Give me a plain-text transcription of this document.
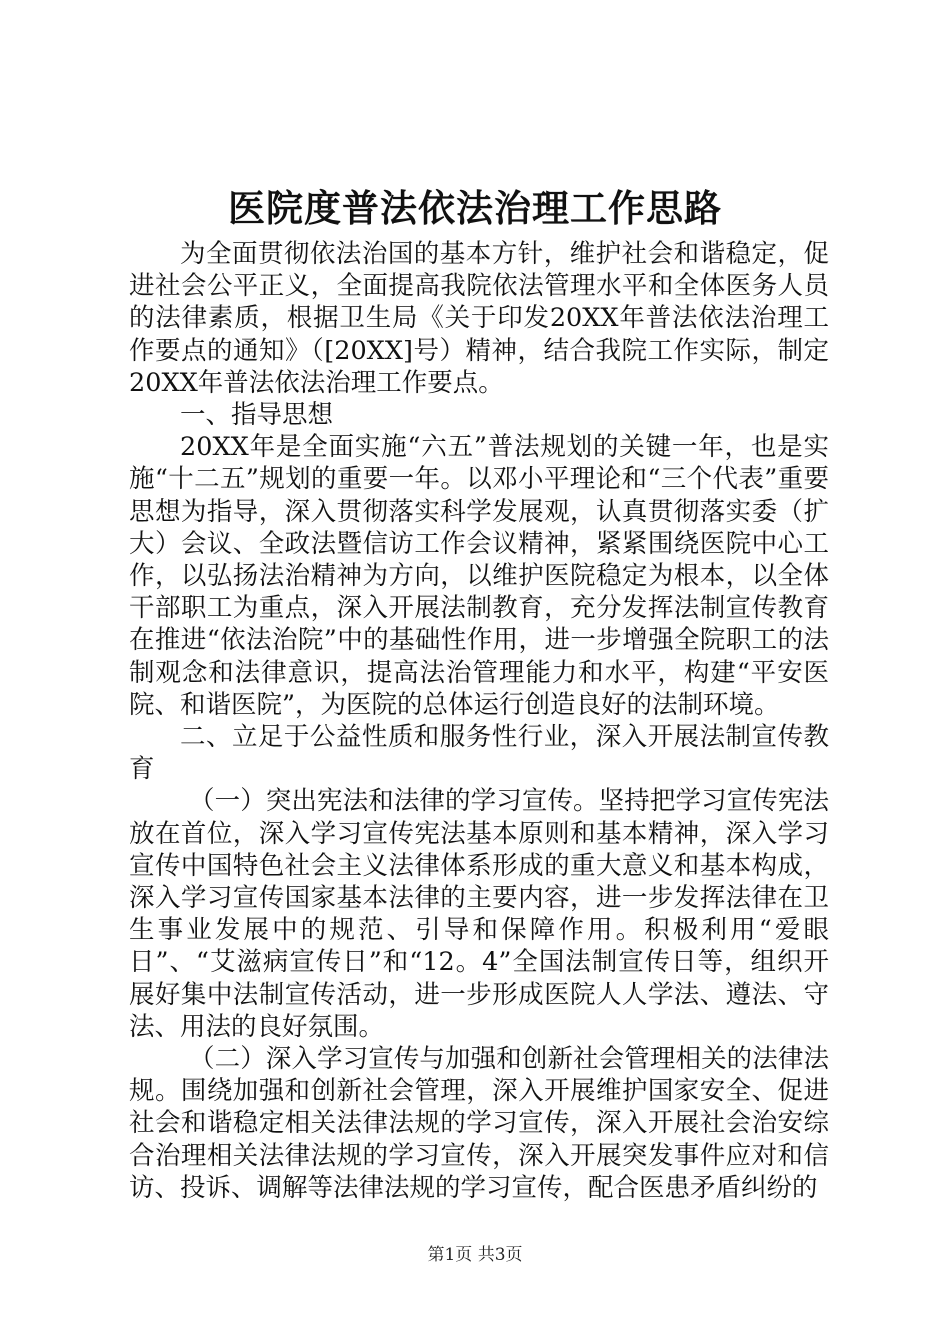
医院度普法依法治理工作思路

为全面贯彻依法治国的基本方针，维护社会和谐稳定，促进社会公平正义，全面提高我院依法管理水平和全体医务人员的法律素质，根据卫生局《关于印发20XX年普法依法治理工作要点的通知》（[20XX]号）精神，结合我院工作实际，制定20XX年普法依法治理工作要点。

一、指导思想

20XX年是全面实施“六五”普法规划的关键一年，也是实施“十二五”规划的重要一年。以邓小平理论和“三个代表”重要思想为指导，深入贯彻落实科学发展观，认真贯彻落实委（扩大）会议、全政法暨信访工作会议精神，紧紧围绕医院中心工作，以弘扬法治精神为方向，以维护医院稳定为根本，以全体干部职工为重点，深入开展法制教育，充分发挥法制宣传教育在推进“依法治院”中的基础性作用，进一步增强全院职工的法制观念和法律意识，提高法治管理能力和水平，构建“平安医院、和谐医院”，为医院的总体运行创造良好的法制环境。

二、立足于公益性质和服务性行业，深入开展法制宣传教育

（一）突出宪法和法律的学习宣传。坚持把学习宣传宪法放在首位，深入学习宣传宪法基本原则和基本精神，深入学习宣传中国特色社会主义法律体系形成的重大意义和基本构成，深入学习宣传国家基本法律的主要内容，进一步发挥法律在卫生事业发展中的规范、引导和保障作用。积极利用“爱眼日”、“艾滋病宣传日”和“12。4”全国法制宣传日等，组织开展好集中法制宣传活动，进一步形成医院人人学法、遵法、守法、用法的良好氛围。

（二）深入学习宣传与加强和创新社会管理相关的法律法规。围绕加强和创新社会管理，深入开展维护国家安全、促进社会和谐稳定相关法律法规的学习宣传，深入开展社会治安综合治理相关法律法规的学习宣传，深入开展突发事件应对和信访、投诉、调解等法律法规的学习宣传，配合医患矛盾纠纷的

第1页 共3页
